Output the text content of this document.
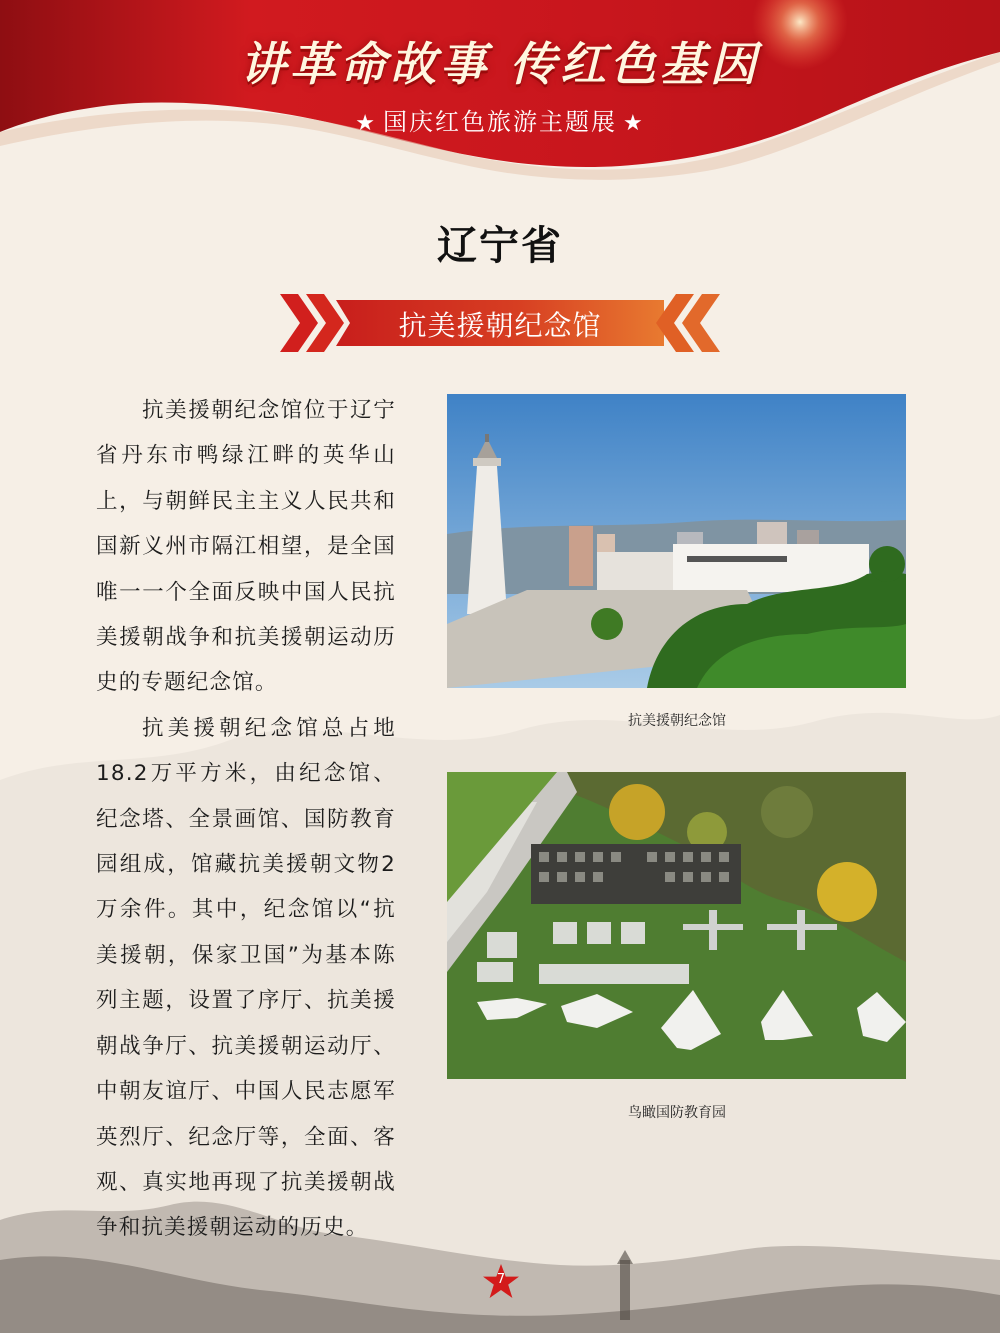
讲革命故事 传红色基因
★ 国庆红色旅游主题展 ★
辽宁省
抗美援朝纪念馆

抗美援朝纪念馆位于辽宁省丹东市鸭绿江畔的英华山上，与朝鲜民主主义人民共和国新义州市隔江相望，是全国唯一一个全面反映中国人民抗美援朝战争和抗美援朝运动历史的专题纪念馆。

抗美援朝纪念馆总占地18.2万平方米，由纪念馆、纪念塔、全景画馆、国防教育园组成，馆藏抗美援朝文物2万余件。其中，纪念馆以“抗美援朝，保家卫国”为基本陈列主题，设置了序厅、抗美援朝战争厅、抗美援朝运动厅、中朝友谊厅、中国人民志愿军英烈厅、纪念厅等，全面、客观、真实地再现了抗美援朝战争和抗美援朝运动的历史。

抗美援朝纪念馆
鸟瞰国防教育园
7
